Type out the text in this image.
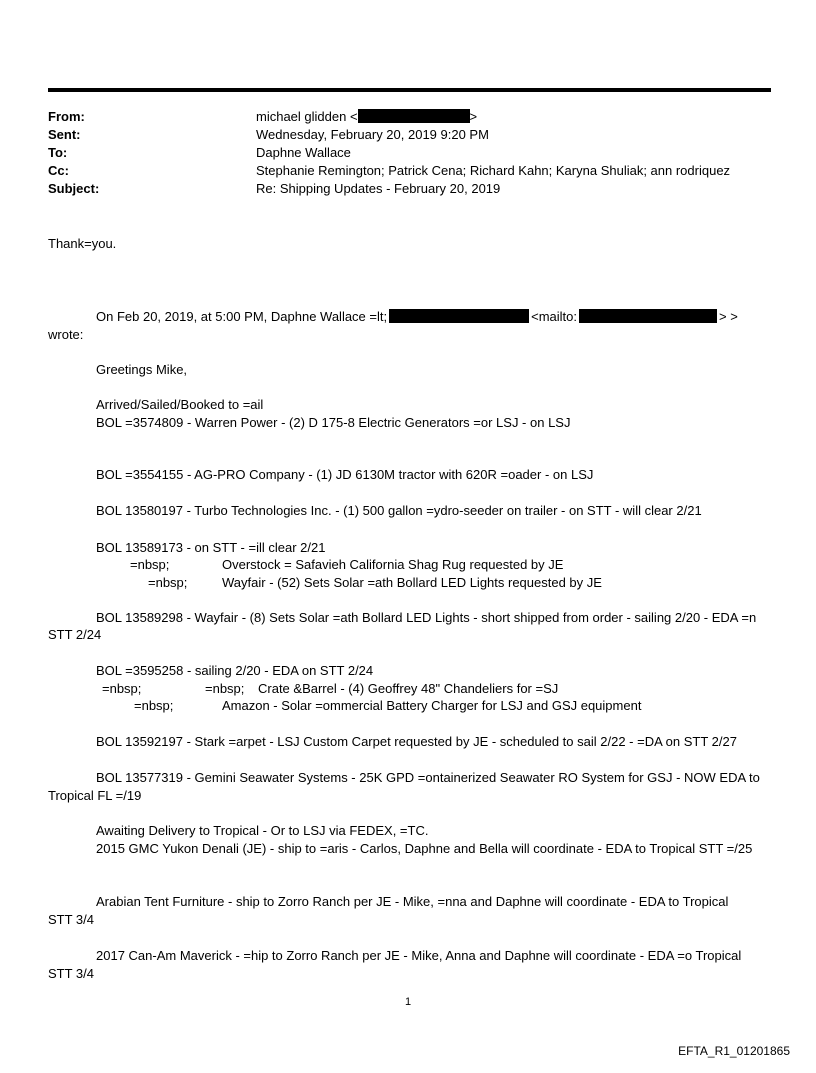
From:	michael glidden <	>
Sent:	Wednesday, February 20, 2019 9:20 PM
To:	Daphne Wallace
Cc:	Stephanie Remington; Patrick Cena; Richard Kahn; Karyna Shuliak; ann rodriquez
Subject:	Re: Shipping Updates - February 20, 2019
Thank=you.
On Feb 20, 2019, at 5:00 PM, Daphne Wallace =lt;	<mailto:	> >
wrote:
Greetings Mike,
Arrived/Sailed/Booked to =ail
BOL =3574809 - Warren Power - (2) D 175-8 Electric Generators =or LSJ - on LSJ
BOL =3554155 - AG-PRO Company - (1) JD 6130M tractor with 620R =oader - on LSJ
BOL 13580197 - Turbo Technologies Inc. - (1) 500 gallon =ydro-seeder on trailer - on STT - will clear 2/21
BOL 13589173 - on STT - =ill clear 2/21
=nbsp;	Overstock = Safavieh California Shag Rug requested by JE
=nbsp;	Wayfair - (52) Sets Solar =ath Bollard LED Lights requested by JE
BOL 13589298 - Wayfair - (8) Sets Solar =ath Bollard LED Lights - short shipped from order - sailing 2/20 - EDA =n
STT 2/24
BOL =3595258 - sailing 2/20 - EDA on STT 2/24
=nbsp;	=nbsp; Crate &Barrel - (4) Geoffrey 48" Chandeliers for =SJ
=nbsp;	Amazon - Solar =ommercial Battery Charger for LSJ and GSJ equipment
BOL 13592197 - Stark =arpet - LSJ Custom Carpet requested by JE - scheduled to sail 2/22 - =DA on STT 2/27
BOL 13577319 - Gemini Seawater Systems - 25K GPD =ontainerized Seawater RO System for GSJ - NOW EDA to
Tropical FL =/19
Awaiting Delivery to Tropical - Or to LSJ via FEDEX, =TC.
2015 GMC Yukon Denali (JE) - ship to =aris - Carlos, Daphne and Bella will coordinate - EDA to Tropical STT =/25
Arabian Tent Furniture - ship to Zorro Ranch per JE - Mike, =nna and Daphne will coordinate - EDA to Tropical
STT 3/4
2017 Can-Am Maverick - =hip to Zorro Ranch per JE - Mike, Anna and Daphne will coordinate - EDA =o Tropical
STT 3/4
1
EFTA_R1_01201865
